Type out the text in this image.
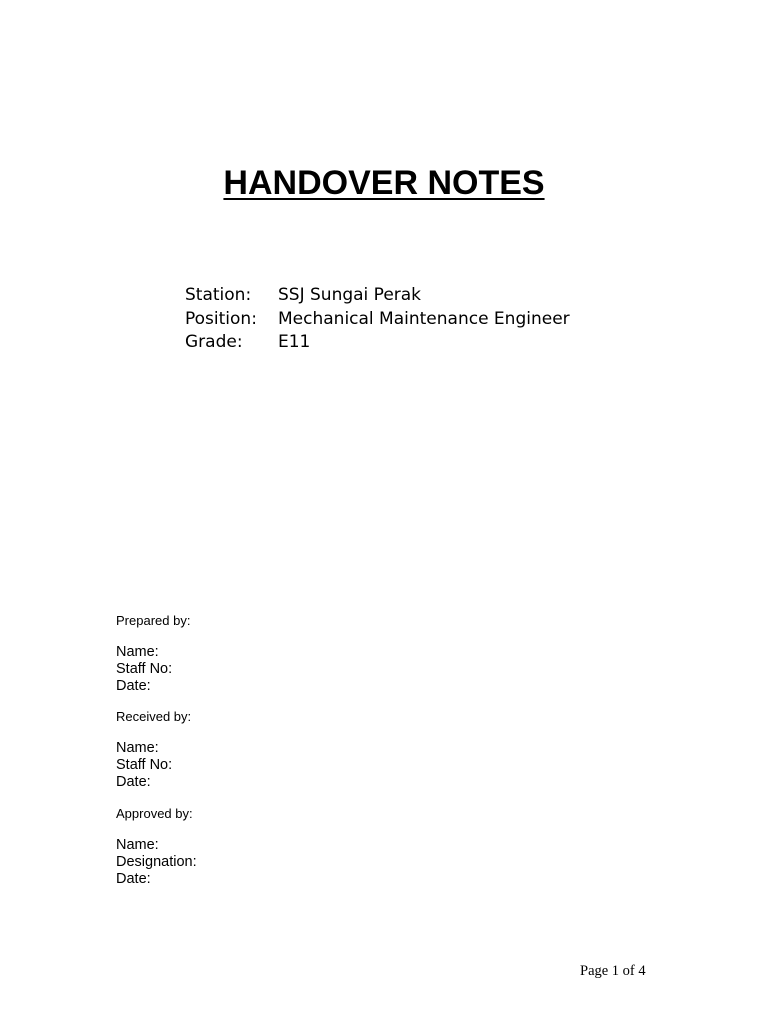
HANDOVER NOTES
Station:	SSJ Sungai Perak
Position:	Mechanical Maintenance Engineer
Grade:	E11
Prepared by:
Name:
Staff No:
Date:
Received by:
Name:
Staff No:
Date:
Approved by:
Name:
Designation:
Date:
Page 1 of 4
